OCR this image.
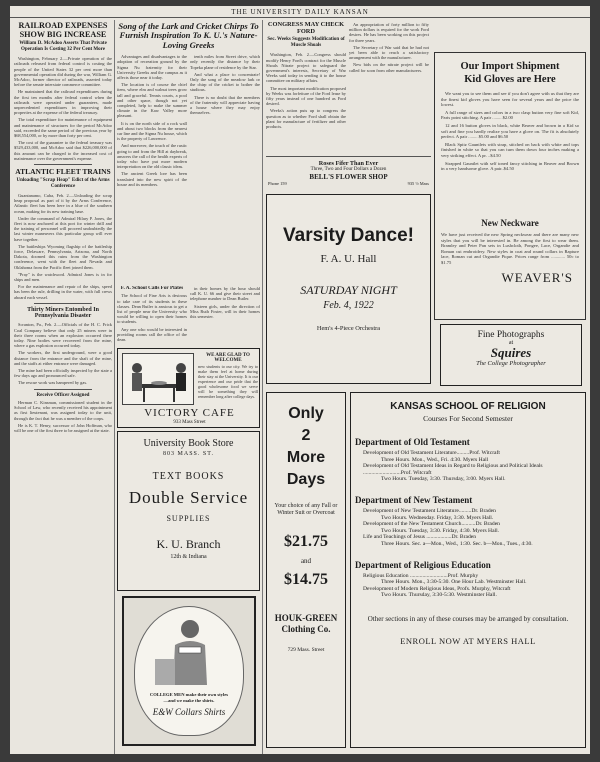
THE UNIVERSITY DAILY KANSAN
RAILROAD EXPENSES SHOW BIG INCREASE
William D. McAdoo Asserts That Private Operation Is Costing 32 Per Cent More

Washington, February 2.—Private operation of the railroads released from federal control is costing the people of the United States 32 per cent more than governmental operation did during the war, William G. McAdoo, former director of railroads, asserted today before the senate interstate commerce committee.

He maintained that the railroad expenditures during the first ten months after federal control when the railroads were operated under guarantees, made unprecedented expenditures in improving their properties at the expense of the federal treasury.

The total expenditure for maintenance of equipment and maintenance of structures for the period McAdoo said, exceeded the same period of the previous year by $68,554,000, or by more than forty per cent.

The cost of the guarantee to the federal treasury was $529,433,000, and McAdoo said that $226,000,000 of this amount can be charged to the increased cost of maintenance over the government's expense.

ATLANTIC FLEET TRAINS
Unloading "Scrap Heap" Edict of the Arms Conference

Guantanamo, Cuba, Feb. 2.—Unloading the scrap heap proposal as part of it by the Arms Conference, Atlantic fleet has been here in a blue of the southern ocean, making for its new training base.

Under the command of Admiral Hilary P. Jones, the fleet is now anchored at this port for winter drill and the training of personnel will proceed undoubtedly the last winter maneuvers this particular group will ever have together.

The battleships Wyoming flagship of the battleship force, Delaware, Pennsylvania, Arizona, and North Dakota, doomed this ruins from the Washington conference, went with the fleet and Nevada and Oklahoma from the Pacific fleet joined them.

"Pray" is the watchword. Admiral Jones is in for ships and men.

For the maintenance and repair of the ships, speed has been the rule, drilling in the water, with full crews aboard each vessel.

Thirty Miners Entombed In Pennsylvania Disaster

Scranton, Pa., Feb. 2.—Officials of the H. C. Frick Coal Company believe that only 25 miners were in their three rooms when an explosion occurred there today. Nine bodies were recovered from the mine, where a gas explosion occurred today.

The workers, the first underground, were a good distance from the entrance and the shaft of the mine, and the staffs at either entrance were damaged.

The mine had been officially inspected by the state a few days ago and pronounced safe.

The rescue work was hampered by gas.

Receive Officer Assigned

Herman C. Kinsman, commissioned student in the School of Law, who recently received his appointment as first lieutenant, was assigned today to the unit, through the fact that he was a member of the corps.

He is K. T. Henry, successor of John Hoffman, who will be one of the first three to be assigned at the state.

Song of the Lark and Cricket Chirps To Furnish Inspiration To K. U.'s Nature-Loving Greeks

Advantages and disadvantages to the adoption of recreation ground by the Sigma Nu fraternity for their University Greeks and the campus as it affects those near it today.

The location is of course the chief item, where elm and walnut trees grow tall and graceful. Tennis courts, a pool and other space, though not yet completed, help to make the summer climate in the Kaw Valley more pleasant.

It is on the north side of a rock wall and about two blocks from the nearest car line and the Sigma Nu house, which is the property of Lawrence.

And moreover, the touch of the rustic going to and from the Hill at daybreak, answers the call of the health experts of today who have put more modern interpretation on the old classic ideas.

The ancient Greek lore has been translated into the new spirit of the house and its members.

tenth miles from Street drive, which only recently the distance by their Topeka plane of residence by the Star.

And what a place to concentrate! Only the song of the meadow lark or the chirp of the cricket to bother the studious.

There is no doubt that the members of the fraternity will appreciate having a house where they may enjoy themselves.

F. A. School Calls For Plates

The School of Fine Arts is desirous to take care of its students in these classes. Dean Butler is anxious to get a list of people near the University who would be willing to open their homes to students.

Any one who would be interested in providing rooms call the office of the dean.

in their homes by the hour should call K. U. 66 and give their street and telephone number to Dean Butler.

Sixteen girls, under the direction of Miss Ruth Foster, will in their homes this semester.

WE ARE GLAD TO WELCOME
new students to our city. We try to make them feel at home during their stay at the University. It is our experience and our pride that the good wholesome food we serve will be something they will remember long after college days.
VICTORY CAFE
933 Mass Street
University Book Store
803 MASS. ST.
TEXT BOOKS
Double Service
SUPPLIES
K. U. Branch
12th & Indiana
COLLEGE MEN make their own styles—and we make the shirts.
E&W Collars Shirts
CONGRESS MAY CHECK FORD
Sec. Weeks Suggests Modification of Muscle Shoals

Washington, Feb. 2.—Congress should modify Henry Ford's contract for the Muscle Shoals Nitrate project to safeguard the government's interests, Secretary of War Weeks said today in sending it to the house committee on military affairs.

The most important modification proposed by Weeks was forfeiture of the Ford lease by fifty years instead of one hundred as Ford desired.

Weeks's action puts up to congress the question as to whether Ford shall obtain the plant for manufacture of fertilizer and other products.

An appropriation of forty million to fifty million dollars is required for the work Ford desires. He has been working on this project for three years.

The Secretary of War said that he had not yet been able to reach a satisfactory arrangement with the manufacturer.

New bids on the nitrate project will be called for soon from other manufacturers.

Roses Fifer Than Ever
Three, Two and Four Dollars a Dozen
BELL'S FLOWER SHOP
Phone 159	935 ½ Mass
Varsity Dance!
F. A. U. Hall
SATURDAY NIGHT
Feb. 4, 1922
Hem's 4-Piece Orchestra
Only
2
More
Days
Your choice of any Fall or Winter Suit or Overcoat
$21.75
and
$14.75
HOUK-GREEN Clothing Co.
729 Mass. Street
Our Import Shipment
Kid Gloves are Here

We want you to see them and see if you don't agree with us that they are the finest kid gloves you have seen for several years and the price the lowest.

A full range of sizes and colors in a two clasp button very fine soft Kid, Paris point stitching. A pair ........ $2.00

12 and 16 button gloves in black, white Beaver and brown in a Kid so soft and fine you hardly realize you have a glove on. The fit is absolutely perfect. A pair ........ $5.00 and $6.50

Black Spitz Gauntlets with strap, stitched on back with white and tops finished in white so that you can turn them down four inches making a very striking effect. A pr. ..$4.50

Strapped Gauntlet with self toned fancy stitching in Beaver and Brown in a very handsome glove. A pair..$4.50

New Neckware
We have just received the new Spring neckwear and there are many new styles that you will be interested in. Be among the first to wear them. Bramley and Peter Pan sets in Lushcloth, Pongee, Lace, Organdie and Roman cut embroidery. New styles in coat and round collars in Rapture lace, Roman cut and Organdie Pique. Prices range from ............ 50c to $1.75
WEAVER'S
Fine Photographs
at
Squires
The College Photographer
KANSAS SCHOOL OF RELIGION
Courses For Second Semester
Department of Old Testament
Development of Old Testament Literature.........Prof. Witcraft
Three Hours. Mon., Wed., Fri. 4:30. Myers Hall
Development of Old Testament Ideas in Regard to Religious and Political Ideals ...........................Prof. Witcraft
Two Hours. Tuesday, 3:30. Thursday, 3:00. Myers Hall.
Department of New Testament
Development of New Testament Literature.........Dr. Braden
Two Hours. Wednesday. Friday, 3:30. Myers Hall.
Development of the New Testament Church..........Dr. Braden
Two Hours. Tuesday, 3:30. Friday, 4:30. Myers Hall.
Life and Teachings of Jesus ..................Dr. Braden
Three Hours. Sec. a—Mon., Wed., 1:30. Sec. b—Mon., Tues., 4:30.
Department of Religious Education
Religious Education ...........................Prof. Murphy
Three Hours. Mon., 3:30-5:30. One Hour Lab. Westminster Hall.
Development of Modern Religious Ideas, Profs. Murphy, Witcraft
Two Hours. Thursday, 3:30-5:30. Westminster Hall.
Other sections in any of these courses may be arranged by consultation.
ENROLL NOW AT MYERS HALL
